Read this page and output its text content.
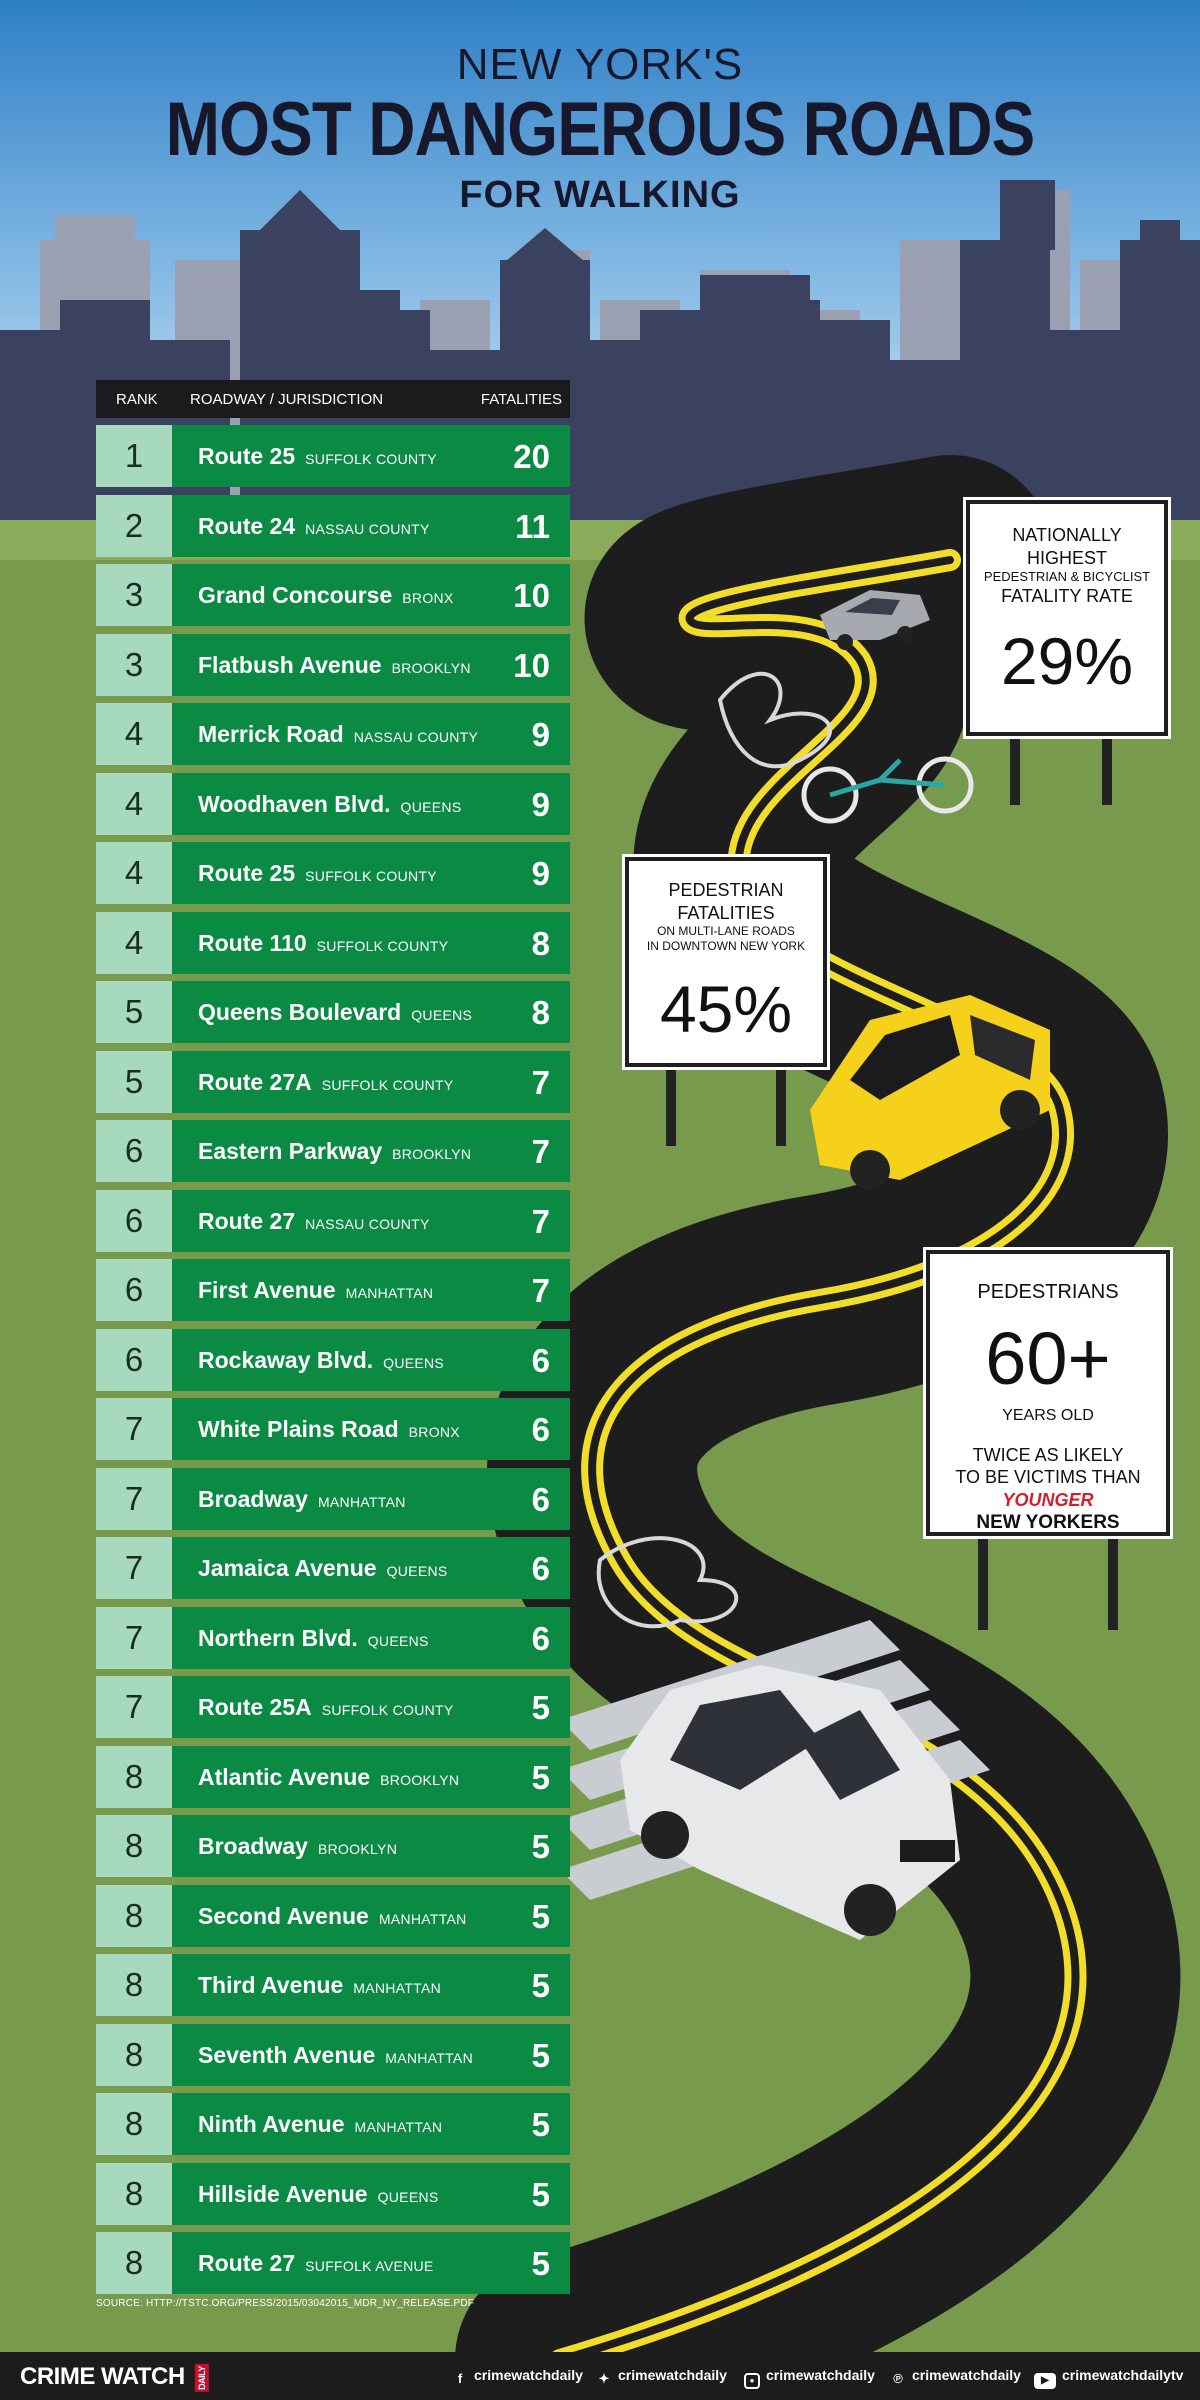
NEW YORK'S
MOST DANGEROUS ROADS
FOR WALKING
RANK ROADWAY / JURISDICTION	FATALITIES
1	Route 25 SUFFOLK COUNTY 20
2	Route 24 NASSAU COUNTY	11
3	Grand Concourse BRONX 10
3	Flatbush Avenue BROOKLYN 10
4	Merrick Road NASSAU COUNTY 9
4	Woodhaven Blvd. QUEENS 9
4	Route 25 SUFFOLK COUNTY	9
4	Route 110 SUFFOLK COUNTY	8
5	Queens Boulevard QUEENS 8
5	Route 27A SUFFOLK COUNTY 7
6	Eastern Parkway BROOKLYN 7
6	Route 27 NASSAU COUNTY	7
6	First Avenue MANHATTAN	7
6	Rockaway Blvd. QUEENS	6
7	White Plains Road BRONX 6
7	Broadway MANHATTAN	6
7	Jamaica Avenue QUEENS	6
7	Northern Blvd. QUEENS	6
7	Route 25A SUFFOLK COUNTY 5
8	Atlantic Avenue BROOKLYN 5
8	Broadway BROOKLYN	5
8	Second Avenue MANHATTAN 5
8	Third Avenue MANHATTAN	5
8	Seventh Avenue MANHATTAN 5
8	Ninth Avenue MANHATTAN	5
8	Hillside Avenue QUEENS	5
8	Route 27 SUFFOLK AVENUE	5
SOURCE: HTTP://TSTC.ORG/PRESS/2015/03042015_MDR_NY_RELEASE.PDF
NATIONALLY
HIGHEST
PEDESTRIAN & BICYCLIST
FATALITY RATE
29%
PEDESTRIAN
FATALITIES
ON MULTI-LANE ROADS
IN DOWNTOWN NEW YORK
45%
PEDESTRIANS
60+
YEARS OLD
TWICE AS LIKELY
TO BE VICTIMS THAN
YOUNGER
NEW YORKERS
CRIME WATCH DAILY	f crimewatchdaily ✦ crimewatchdaily	● crimewatchdaily ℗ crimewatchdaily	▶ crimewatchdailytv
